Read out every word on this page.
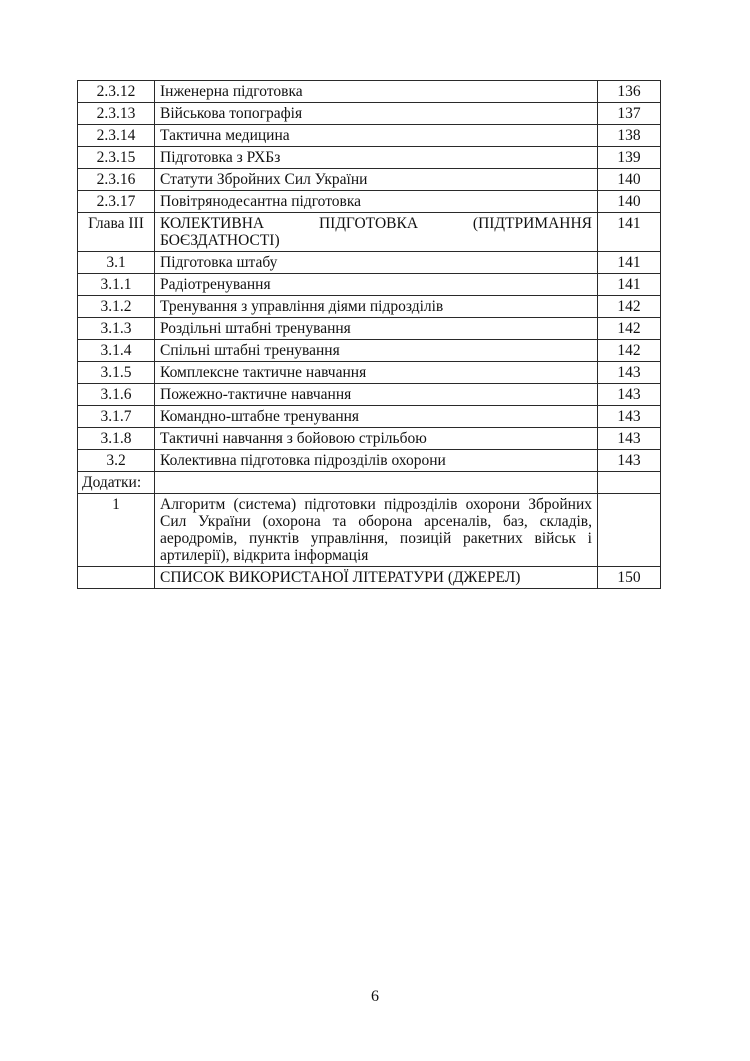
2.3.12	Інженерна підготовка	136
2.3.13	Військова топографія	137
2.3.14	Тактична медицина	138
2.3.15	Підготовка з РХБз	139
2.3.16	Статути Збройних Сил України	140
2.3.17	Повітрянодесантна підготовка	140
Глава ІІІ	КОЛЕКТИВНА ПІДГОТОВКА (ПІДТРИМАННЯ БОЄЗДАТНОСТІ)	141
3.1	Підготовка штабу	141
3.1.1	Радіотренування	141
3.1.2	Тренування з управління діями підрозділів	142
3.1.3	Роздільні штабні тренування	142
3.1.4	Спільні штабні тренування	142
3.1.5	Комплексне тактичне навчання	143
3.1.6	Пожежно-тактичне навчання	143
3.1.7	Командно-штабне тренування	143
3.1.8	Тактичні навчання з бойовою стрільбою	143
3.2	Колективна підготовка підрозділів охорони	143
Додатки:		
1	Алгоритм (система) підготовки підрозділів охорони Збройних Сил України (охорона та оборона арсеналів, баз, складів, аеродромів, пунктів управління, позицій ракетних військ і артилерії), відкрита інформація	
	СПИСОК ВИКОРИСТАНОЇ ЛІТЕРАТУРИ (ДЖЕРЕЛ)	150
6
